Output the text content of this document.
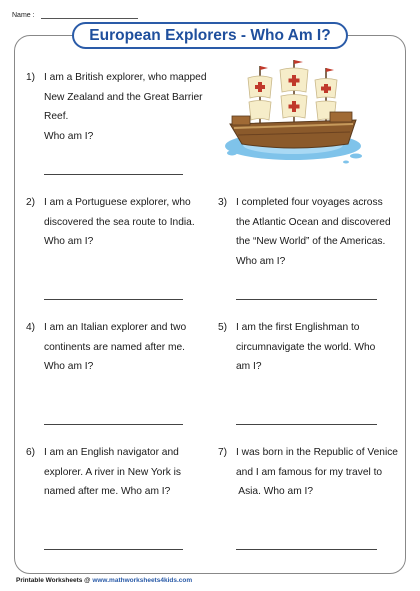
Name :
European Explorers - Who Am I?
1) I am a British explorer, who mapped
New Zealand and the Great Barrier Reef.
Who am I?
2) I am a Portuguese explorer, who
discovered the sea route to India.
Who am I?
3) I completed four voyages across
the Atlantic Ocean and discovered
the “New World” of the Americas.
Who am I?
4) I am an Italian explorer and two
continents are named after me.
Who am I?
5) I am the first Englishman to
circumnavigate the world. Who
am I?
6) I am an English navigator and
explorer. A river in New York is
named after me. Who am I?
7) I was born in the Republic of Venice
and I am famous for my travel to
Asia. Who am I?
Printable Worksheets @ www.mathworksheets4kids.com
